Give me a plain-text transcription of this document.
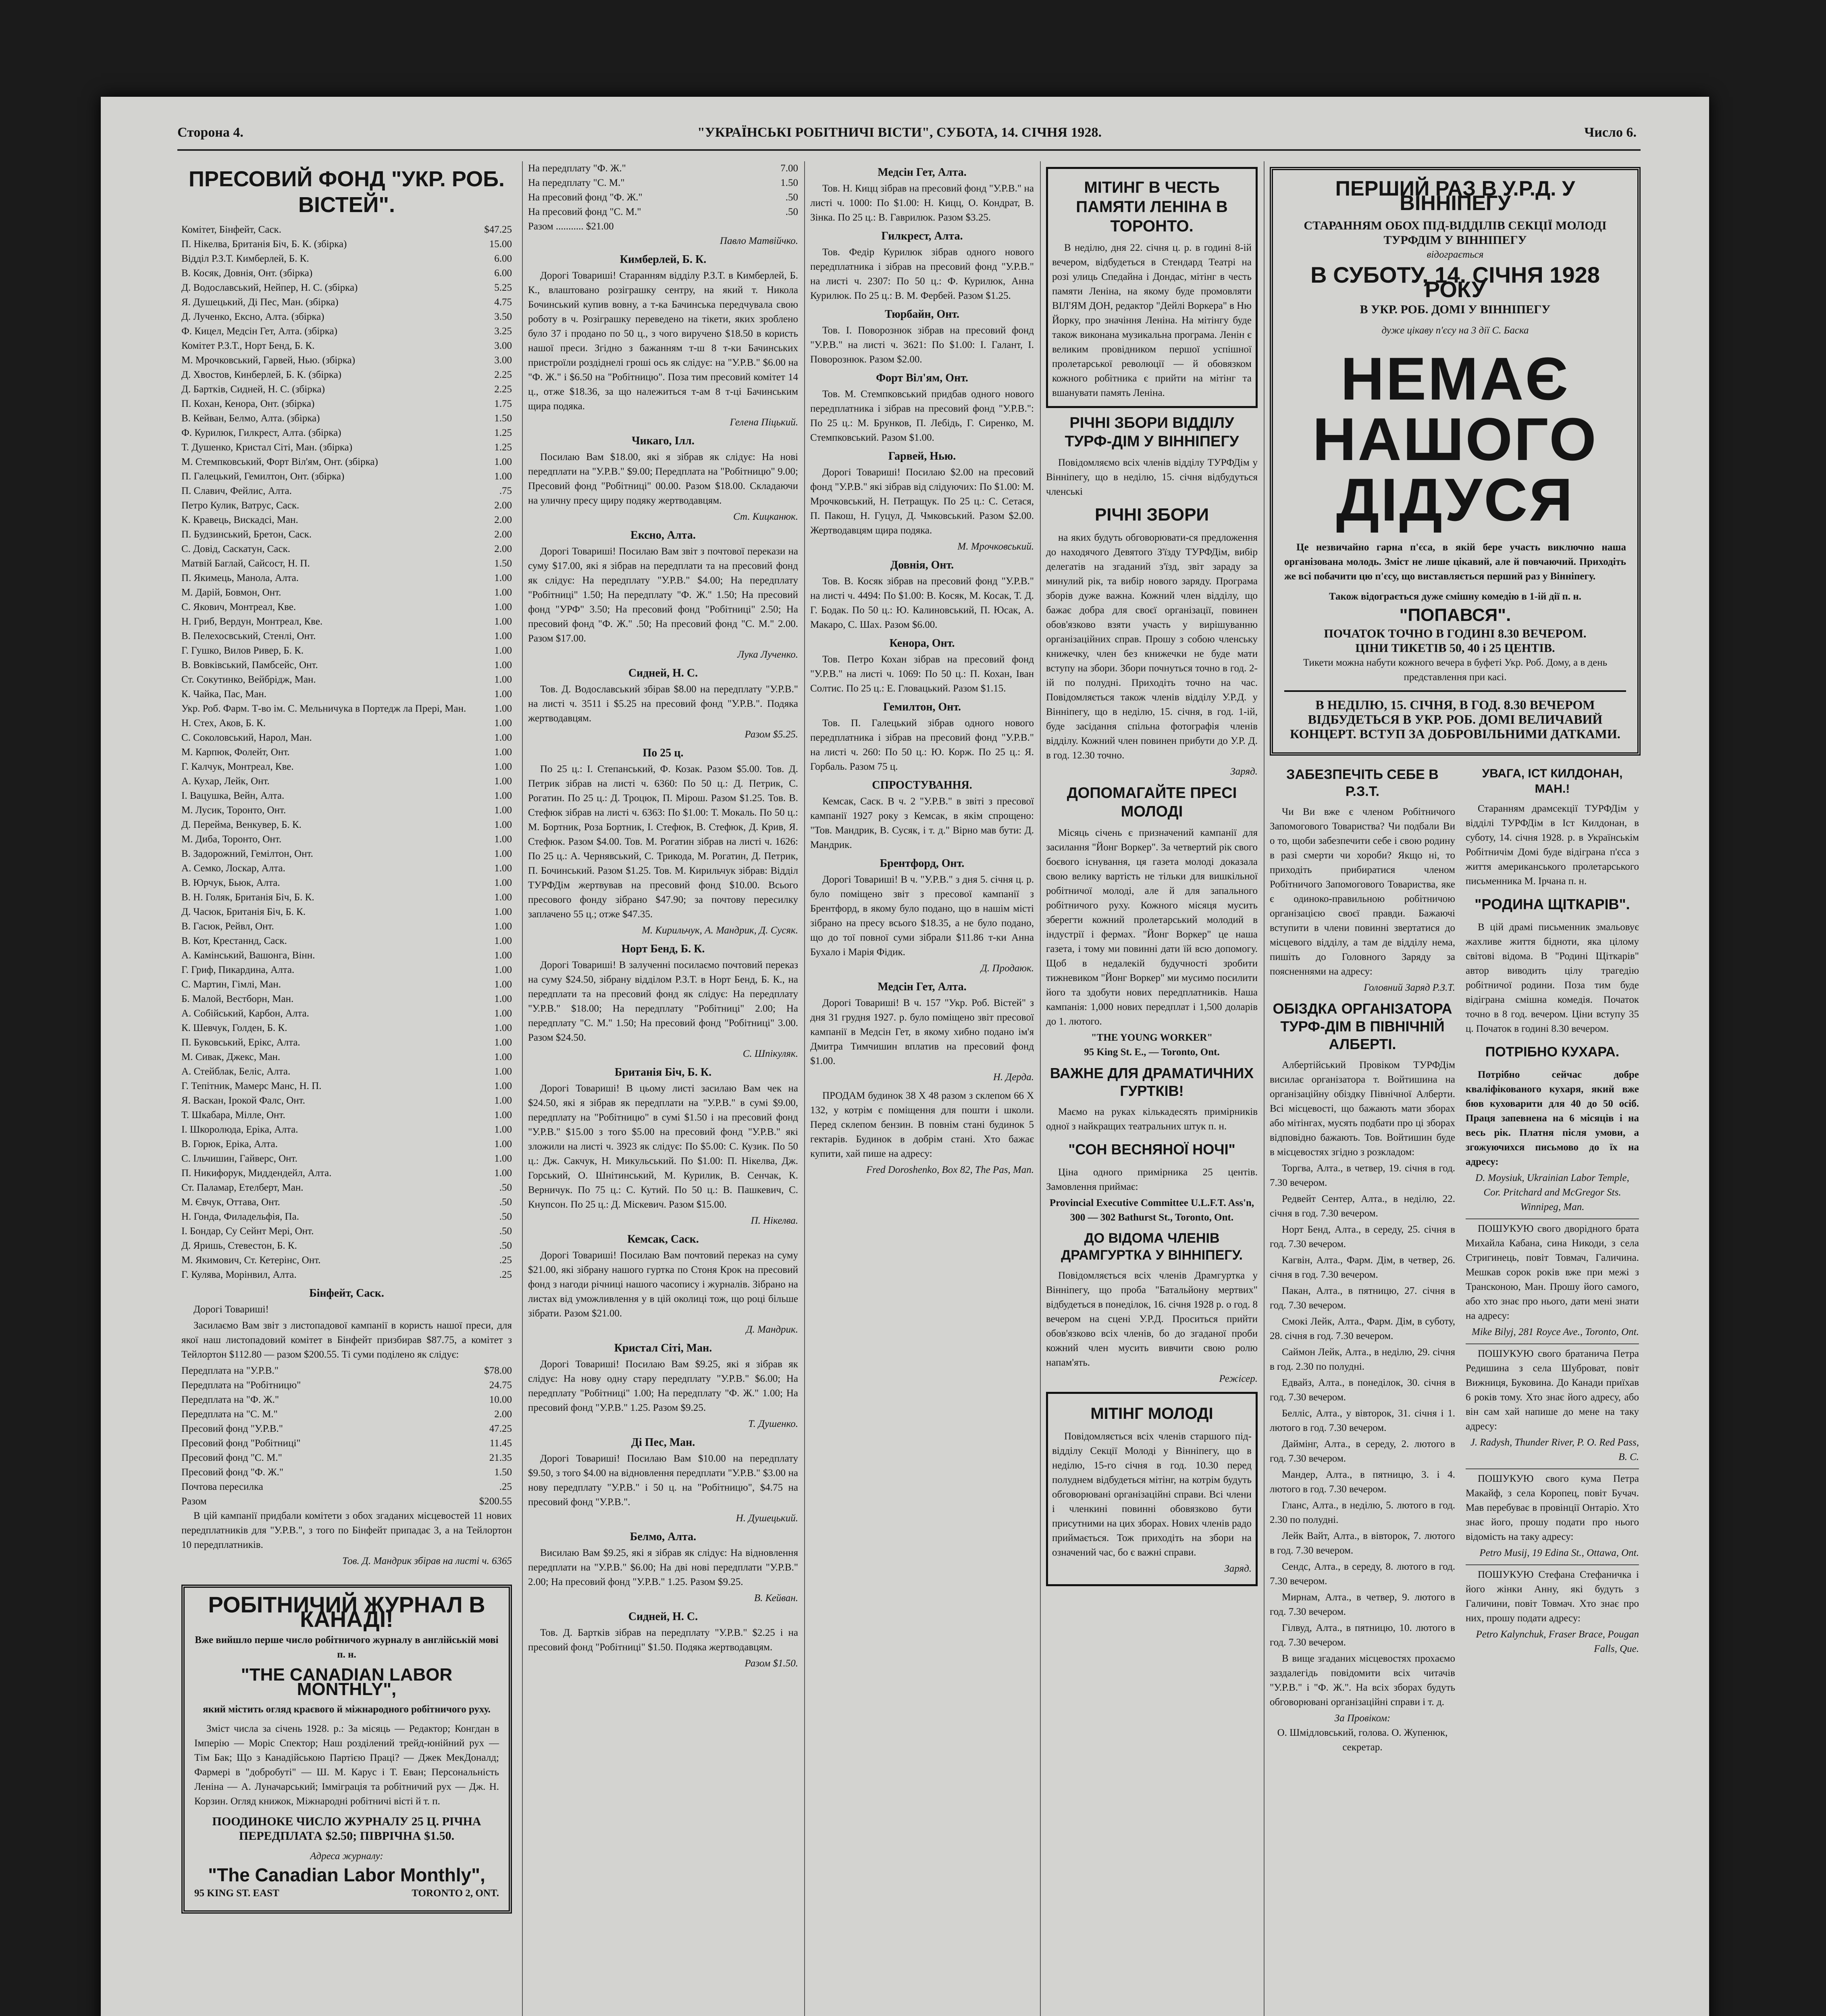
Сторона 4.	"УКРАЇНСЬКІ РОБІТНИЧІ ВІСТИ", СУБОТА, 14. СІЧНЯ 1928.	Число 6.
ПРЕСОВИЙ ФОНД "УКР. РОБ. ВІСТЕЙ".
Комітет, Бінфейт, Саск.	$47.25
П. Нікелва, Британія Біч, Б. К. (збірка)	15.00
Відділ Р.З.Т. Кимберлей, Б. К.	6.00
В. Косяк, Довнія, Онт. (збірка)	6.00
Д. Водославський, Нейпер, Н. С. (збірка)	5.25
Я. Душецький, Ді Пес, Ман. (збірка)	4.75
Д. Лученко, Ексно, Алта. (збірка)	3.50
Ф. Кицел, Медсін Гет, Алта. (збірка)	3.25
Комітет Р.З.Т., Норт Бенд, Б. К.	3.00
М. Мрочковський, Гарвей, Нью. (збірка)	3.00
Д. Хвостов, Кинберлей, Б. К. (збірка)	2.25
Д. Бартків, Сидней, Н. С. (збірка)	2.25
П. Кохан, Кенора, Онт. (збірка)	1.75
В. Кейван, Белмо, Алта. (збірка)	1.50
Ф. Курилюк, Гилкрест, Алта. (збірка)	1.25
Т. Душенко, Кристал Сіті, Ман. (збірка)	1.25
М. Стемпковський, Форт Віл'ям, Онт. (збірка)	1.00
П. Галецький, Гемилтон, Онт. (збірка)	1.00
П. Славич, Фейлис, Алта.	.75
Петро Кулик, Ватрус, Саск.	2.00
К. Кравець, Вискадсі, Ман.	2.00
П. Будзинський, Бретон, Саск.	2.00
С. Довід, Саскатун, Саск.	2.00
Матвій Баглай, Сайсост, Н. П.	1.50
П. Якимець, Манола, Алта.	1.00
М. Дарій, Бовмон, Онт.	1.00
С. Якович, Монтреал, Кве.	1.00
Н. Гриб, Вердун, Монтреал, Кве.	1.00
В. Пелехосвський, Стенлі, Онт.	1.00
Г. Гушко, Вилов Ривер, Б. К.	1.00
В. Вовківський, Памбсейс, Онт.	1.00
Ст. Сокутинко, Вейбрідж, Ман.	1.00
К. Чайка, Пас, Ман.	1.00
Укр. Роб. Фарм. Т-во ім. С. Мельничука в Портедж ла Прері, Ман.	1.00
Н. Стех, Аков, Б. К.	1.00
С. Соколовський, Нарол, Ман.	1.00
М. Карпюк, Фолейт, Онт.	1.00
Г. Калчук, Монтреал, Кве.	1.00
А. Кухар, Лейк, Онт.	1.00
І. Вацушка, Вейн, Алта.	1.00
М. Лусик, Торонто, Онт.	1.00
Д. Перейма, Венкувер, Б. К.	1.00
М. Диба, Торонто, Онт.	1.00
В. Задорожний, Гемілтон, Онт.	1.00
А. Семко, Лоскар, Алта.	1.00
В. Юрчук, Бьюк, Алта.	1.00
В. Н. Голяк, Британія Біч, Б. К.	1.00
Д. Часюк, Британія Біч, Б. К.	1.00
В. Гасюк, Рейвл, Онт.	1.00
В. Кот, Крестаннд, Саск.	1.00
А. Камінський, Вашонга, Вінн.	1.00
Г. Гриф, Пикардина, Алта.	1.00
С. Мартин, Гімлі, Ман.	1.00
Б. Малой, Вестборн, Ман.	1.00
А. Собійський, Карбон, Алта.	1.00
К. Шевчук, Голден, Б. К.	1.00
П. Буковський, Ерікс, Алта.	1.00
М. Сивак, Джекс, Ман.	1.00
А. Стейблак, Беліс, Алта.	1.00
Г. Тепітник, Мамерс Манс, Н. П.	1.00
Я. Васкан, Ірокой Фалс, Онт.	1.00
Т. Шкабара, Мілле, Онт.	1.00
І. Шкоролюда, Еріка, Алта.	1.00
В. Горюк, Еріка, Алта.	1.00
С. Ільчишин, Гайверс, Онт.	1.00
П. Никифорук, Миддендейл, Алта.	1.00
Ст. Паламар, Етелберт, Ман.	.50
М. Євчук, Оттава, Онт.	.50
Н. Гонда, Филадельфія, Па.	.50
І. Бондар, Су Сейнт Мері, Онт.	.50
Д. Яришь, Стевестон, Б. К.	.50
М. Якимович, Ст. Кетерінс, Онт.	.25
Г. Кулява, Морінвил, Алта.	.25
Бінфейт, Саск.
Дорогі Товариші!
Засилаємо Вам звіт з листопадової кампанії в користь нашої преси, для якої наш листопадовий комітет в Бінфейт призбирав $87.75, а комітет з Тейлортон $112.80 — разом $200.55. Ті суми поділено як слідує:
Передплата на "У.Р.В."	$78.00
Передплата на "Робітницю"	24.75
Передплата на "Ф. Ж."	10.00
Передплата на "С. М."	2.00
Пресовий фонд "У.Р.В."	47.25
Пресовий фонд "Робітниці"	11.45
Пресовий фонд "С. М."	21.35
Пресовий фонд "Ф. Ж."	1.50
Почтова пересилка	.25
Разом	$200.55
В цій кампанії придбали комітети з обох згаданих місцевостей 11 нових передплатників для "У.Р.В.", з того по Бінфейт припадає 3, а на Тейлортон 10 передплатників.
Тов. Д. Мандрик збірав на листі ч. 6365
РОБІТНИЧИЙ ЖУРНАЛ В КАНАДІ!
Вже вийшло перше число робітничого журналу в англійській мові п. н.
"THE CANADIAN LABOR MONTHLY",
який містить огляд краєвого й міжнародного робітничого руху.
Зміст числа за січень 1928. р.: За місяць — Редактор; Конгдан в Імперію — Моріс Спектор; Наш розділений трейд-юнійний рух — Тім Бак; Що з Канадійською Партією Праці? — Джек МекДоналд; Фармері в "добробуті" — Ш. М. Карус і Т. Еван; Персональність Леніна — А. Луначарський; Імміграція та робітничий рух — Дж. Н. Корзин. Огляд книжок, Міжнародні робітничі вісті й т. п.
ПООДИНОКЕ ЧИСЛО ЖУРНАЛУ 25 Ц. РІЧНА ПЕРЕДПЛАТА $2.50; ПІВРІЧНА $1.50.
Адреса журналу:
"The Canadian Labor Monthly",
95 KING ST. EAST	TORONTO 2, ONT.
На передплату "Ф. Ж."	7.00
На передплату "С. М."	1.50
На пресовий фонд "Ф. Ж."	.50
На пресовий фонд "С. М."	.50
Разом ........... $21.00
Павло Матвійчко.
Кимберлей, Б. К.
Дорогі Товариші! Старанням відділу Р.З.Т. в Кимберлей, Б. К., влаштовано розіграшку сентру, на який т. Никола Бочинський купив вовну, а т-ка Бачинська передчувала свою роботу в ч. Розіграшку переведено на тікети, яких зроблено було 37 і продано по 50 ц., з чого виручено $18.50 в користь нашої преси. Згідно з бажанням т-ш 8 т-ки Бачинських пристроїли роздіднелі гроші ось як слідує: на "У.Р.В." $6.00 на "Ф. Ж." і $6.50 на "Робітницю". Поза тим пресовий комітет 14 ц., отже $18.36, за що належиться т-ам 8 т-ці Бачинським щира подяка.
Гелена Піцький.
Чикаго, Ілл.
Посилаю Вам $18.00, які я зібрав як слідує: На нові передплати на "У.Р.В." $9.00; Передплата на "Робітницю" 9.00; Пресовий фонд "Робітниці" 00.00. Разом $18.00. Складаючи на уличну пресу щиру подяку жертводавцям.
Ст. Кицканюк.
Ексно, Алта.
Дорогі Товариші! Посилаю Вам звіт з почтової перекази на суму $17.00, які я зібрав на передплати та на пресовий фонд як слідує: На передплату "У.Р.В." $4.00; На передплату "Робітниці" 1.50; На передплату "Ф. Ж." 1.50; На пресовий фонд "УРФ" 3.50; На пресовий фонд "Робітниці" 2.50; На пресовий фонд "Ф. Ж." .50; На пресовий фонд "С. М." 2.00. Разом $17.00.
Лука Лученко.
Сидней, Н. С.
Тов. Д. Водославський збірав $8.00 на передплату "У.Р.В." на листі ч. 3511 і $5.25 на пресовий фонд "У.Р.В.". Подяка жертводавцям.
Разом $5.25.
По 25 ц.
По 25 ц.: І. Степанський, Ф. Козак. Разом $5.00. Тов. Д. Петрик зібрав на листі ч. 6360: По 50 ц.: Д. Петрик, С. Рогатин. По 25 ц.: Д. Троцюк, П. Мірош. Разом $1.25. Тов. В. Стефюк зібрав на листі ч. 6363: По $1.00: Т. Мокаль. По 50 ц.: М. Бортник, Роза Бортник, І. Стефюк, В. Стефюк, Д. Крив, Я. Стефюк. Разом $4.00. Тов. М. Рогатин зібрав на листі ч. 1626: По 25 ц.: А. Чернявський, С. Трикода, М. Рогатин, Д. Петрик, П. Бочинський. Разом $1.25. Тов. М. Кирильчук зібрав: Відділ ТУРФДім жертвував на пресовий фонд $10.00. Всього пресового фонду зібрано $47.90; за почтову пересилку заплачено 55 ц.; отже $47.35.
М. Кирильчук, А. Мандрик, Д. Сусяк.
Норт Бенд, Б. К.
Дорогі Товариші! В залученні посилаємо почтовий переказ на суму $24.50, зібрану відділом Р.З.Т. в Норт Бенд, Б. К., на передплати та на пресовий фонд як слідує: На передплату "У.Р.В." $18.00; На передплату "Робітниці" 2.00; На передплату "С. М." 1.50; На пресовий фонд "Робітниці" 3.00. Разом $24.50.
С. Шпікуляк.
Британія Біч, Б. К.
Дорогі Товариші! В цьому листі засилаю Вам чек на $24.50, які я зібрав як передплати на "У.Р.В." в сумі $9.00, передплату на "Робітницю" в сумі $1.50 і на пресовий фонд "У.Р.В." $15.00 з того $5.00 на пресовий фонд "У.Р.В." які зложили на листі ч. 3923 як слідує: По $5.00: С. Кузик. По 50 ц.: Дж. Сакчук, Н. Микульський. По $1.00: П. Нікелва, Дж. Горський, О. Шнітинський, М. Курилик, В. Сенчак, К. Верничук. По 75 ц.: С. Кутий. По 50 ц.: В. Пашкевич, С. Кнупсон. По 25 ц.: Д. Міскевич. Разом $15.00.
П. Нікелва.
Кемсак, Саск.
Дорогі Товариші! Посилаю Вам почтовий переказ на суму $21.00, які зібрану нашого гуртка по Стоня Крок на пресовий фонд з нагоди річниці нашого часопису і журналів. Зібрано на листах від уможливлення у в цій околиці тож, що році більше зібрати. Разом $21.00.
Д. Мандрик.
Кристал Сіті, Ман.
Дорогі Товариші! Посилаю Вам $9.25, які я зібрав як слідує: На нову одну стару передплату "У.Р.В." $6.00; На передплату "Робітниці" 1.00; На передплату "Ф. Ж." 1.00; На пресовий фонд "У.Р.В." 1.25. Разом $9.25.
Т. Душенко.
Ді Пес, Ман.
Дорогі Товариші! Посилаю Вам $10.00 на передплату $9.50, з того $4.00 на відновлення передплати "У.Р.В." $3.00 на нову передплату "У.Р.В." і 50 ц. на "Робітницю", $4.75 на пресовий фонд "У.Р.В.".
Н. Душецький.
Белмо, Алта.
Висилаю Вам $9.25, які я зібрав як слідує: На відновлення передплати на "У.Р.В." $6.00; На дві нові передплати "У.Р.В." 2.00; На пресовий фонд "У.Р.В." 1.25. Разом $9.25.
В. Кейван.
Сидней, Н. С.
Тов. Д. Бартків зібрав на передплату "У.Р.В." $2.25 і на пресовий фонд "Робітниці" $1.50. Подяка жертводавцям.
Разом $1.50.
Медсін Гет, Алта.
Тов. Н. Кицц зібрав на пресовий фонд "У.Р.В." на листі ч. 1000: По $1.00: Н. Кицц, О. Кондрат, В. Зінка. По 25 ц.: В. Гаврилюк. Разом $3.25.
Гилкрест, Алта.
Тов. Федір Курилюк зібрав одного нового передплатника і зібрав на пресовий фонд "У.Р.В." на листі ч. 2307: По 50 ц.: Ф. Курилюк, Анна Курилюк. По 25 ц.: В. М. Фербей. Разом $1.25.
Тюрбайн, Онт.
Тов. І. Поворознюк зібрав на пресовий фонд "У.Р.В." на листі ч. 3621: По $1.00: І. Галант, І. Поворознюк. Разом $2.00.
Форт Віл'ям, Онт.
Тов. М. Стемпковський придбав одного нового передплатника і зібрав на пресовий фонд "У.Р.В.": По 25 ц.: М. Брунков, П. Лебідь, Г. Сиренко, М. Стемпковський. Разом $1.00.
Гарвей, Нью.
Дорогі Товариші! Посилаю $2.00 на пресовий фонд "У.Р.В." які зібрав від слідуючих: По $1.00: М. Мрочковський, Н. Петращук. По 25 ц.: С. Сетася, П. Пакош, Н. Гуцул, Д. Чмковський. Разом $2.00. Жертводавцям щира подяка.
М. Мрочковський.
Довнія, Онт.
Тов. В. Косяк зібрав на пресовий фонд "У.Р.В." на листі ч. 4494: По $1.00: В. Косяк, М. Косак, Т. Д. Г. Бодак. По 50 ц.: Ю. Калиновський, П. Юсак, А. Макаро, С. Шах. Разом $6.00.
Кенора, Онт.
Тов. Петро Кохан зібрав на пресовий фонд "У.Р.В." на листі ч. 1069: По 50 ц.: П. Кохан, Іван Солтис. По 25 ц.: Е. Гловацький. Разом $1.15.
Гемилтон, Онт.
Тов. П. Галецький зібрав одного нового передплатника і зібрав на пресовий фонд "У.Р.В." на листі ч. 260: По 50 ц.: Ю. Корж. По 25 ц.: Я. Горбаль. Разом 75 ц.
СПРОСТУВАННЯ.
Кемсак, Саск. В ч. 2 "У.Р.В." в звіті з пресової кампанії 1927 року з Кемсак, в якім спрощено: "Тов. Мандрик, В. Сусяк, і т. д." Вірно мав бути: Д. Мандрик.
Брентфорд, Онт.
Дорогі Товариші! В ч. "У.Р.В." з дня 5. січня ц. р. було поміщено звіт з пресової кампанії з Брентфорд, в якому було подано, що в нашім місті зібрано на пресу всього $18.35, а не було подано, що до тої повної суми зібрали $11.86 т-ки Анна Бухало і Марія Фідик.
Д. Продаюк.
Медсін Гет, Алта.
Дорогі Товариші! В ч. 157 "Укр. Роб. Вістей" з дня 31 грудня 1927. р. було поміщено звіт пресової кампанії в Медсін Гет, в якому хибно подано ім'я Дмитра Тимчишин вплатив на пресовий фонд $1.00.
Н. Дерда.
ПРОДАМ будинок 38 Х 48 разом з склепом 66 Х 132, у котрім є поміщення для пошти і школи. Перед склепом бензин. В повнім стані будинок 5 гектарів. Будинок в добрім стані. Хто бажає купити, хай пише на адресу:
Fred Doroshenko, Box 82, The Pas, Man.
МІТИНГ В ЧЕСТЬ ПАМЯТИ ЛЕНІНА В ТОРОНТО.
В неділю, дня 22. січня ц. р. в годині 8-ій вечером, відбудеться в Стендард Театрі на розі улиць Спедайна і Дондас, мітінг в честь памяти Леніна, на якому буде промовляти ВІЛ'ЯМ ДОН, редактор "Дейлі Воркера" в Ню Йорку, про значіння Леніна. На мітінгу буде також виконана музикальна програма. Ленін є великим провідником першої успішної пролетарської революції — й обовязком кожного робітника є прийти на мітінг та вшанувати память Леніна.
РІЧНІ ЗБОРИ ВІДДІЛУ ТУРФ-ДІМ У ВІННІПЕГУ
Повідомляємо всіх членів відділу ТУРФДім у Вінніпегу, що в неділю, 15. січня відбудуться членські
РІЧНІ ЗБОРИ
на яких будуть обговорювати-ся предложення до находячого Девятого З'їзду ТУРФДім, вибір делегатів на згаданий з'їзд, звіт зараду за минулий рік, та вибір нового заряду. Програма зборів дуже важна. Кожний член відділу, що бажає добра для своєї організації, повинен обов'язково взяти участь у вирішуванню організаційних справ. Прошу з собою членську книжечку, член без книжечки не буде мати вступу на збори. Збори почнуться точно в год. 2-ій по полудні. Приходіть точно на час. Повідомляється також членів відділу У.Р.Д. у Вінніпегу, що в неділю, 15. січня, в год. 1-ій, буде засідання спільна фотографія членів відділу. Кожний член повинен прибути до У.Р. Д. в год. 12.30 точно.
Заряд.
ДОПОМАГАЙТЕ ПРЕСІ МОЛОДІ
Місяць січень є призначений кампанії для засилання "Йонг Воркер". За четвертий рік свого боєвого існування, ця газета молоді доказала свою велику вартість не тільки для вишкільної робітничої молоді, але й для запального робітничого руху. Кожного місяця мусить зберегти кожний пролетарський молодий в індустрії і фермах. "Йонг Воркер" це наша газета, і тому ми повинні дати їй всю допомогу. Щоб в недалекій будучності зробити тижневиком "Йонг Воркер" ми мусимо посилити його та здобути нових передплатників. Наша кампанія: 1,000 нових передплат і 1,500 доларів до 1. лютого.
"THE YOUNG WORKER"
95 King St. E., — Toronto, Ont.
ВАЖНЕ ДЛЯ ДРАМАТИЧНИХ ГУРТКІВ!
Маємо на руках кількадесять примірників одної з найкращих театральних штук п. н.
"СОН ВЕСНЯНОЇ НОЧІ"
Ціна одного примірника 25 центів. Замовлення приймає:
Provincial Executive Committee U.L.F.T. Ass'n, 300 — 302 Bathurst St., Toronto, Ont.
ДО ВІДОМА ЧЛЕНІВ ДРАМГУРТКА У ВІННІПЕГУ.
Повідомляється всіх членів Драмгуртка у Вінніпегу, що проба "Батальйону мертвих" відбудеться в понеділок, 16. січня 1928 р. о год. 8 вечером на сцені У.Р.Д. Проситься прийти обов'язково всіх членів, бо до згаданої проби кожний член мусить вивчити свою ролю напам'ять.
Режісер.
МІТІНГ МОЛОДІ
Повідомляється всіх членів старшого під-відділу Секції Молоді у Вінніпегу, що в неділю, 15-го січня в год. 10.30 перед полуднем відбудеться мітінг, на котрім будуть обговорювані організаційні справи. Всі члени і членкині повинні обовязково бути присутними на цих зборах. Нових членів радо приймається. Тож приходіть на збори на означений час, бо є важні справи.
Заряд.
ПЕРШИЙ РАЗ В У.Р.Д. У ВІННІПЕГУ
СТАРАННЯМ ОБОХ ПІД-ВІДДІЛІВ СЕКЦІЇ МОЛОДІ ТУРФДІМ У ВІННІПЕГУ
відограється
В СУБОТУ, 14. СІЧНЯ 1928 РОКУ
В УКР. РОБ. ДОМІ У ВІННІПЕГУ
дуже цікаву п'єсу на 3 дії С. Баска
НЕМАЄ НАШОГО ДІДУСЯ
Це незвичайно гарна п'єса, в якій бере участь виключно наша організована молодь. Зміст не лише цікавий, але й повчаючий. Приходіть же всі побачити цю п'єсу, що виставляється перший раз у Вінніпегу.
Також відограється дуже смішну комедію в 1-ій дії п. н.
"ПОПАВСЯ".
ПОЧАТОК ТОЧНО В ГОДИНІ 8.30 ВЕЧЕРОМ.
ЦІНИ ТИКЕТІВ 50, 40 і 25 ЦЕНТІВ.
Тикети можна набути кожного вечера в буфеті Укр. Роб. Дому, а в день представлення при касі.
В НЕДІЛЮ, 15. СІЧНЯ, В ГОД. 8.30 ВЕЧЕРОМ ВІДБУДЕТЬСЯ В УКР. РОБ. ДОМІ ВЕЛИЧАВИЙ КОНЦЕРТ. ВСТУП ЗА ДОБРОВІЛЬНИМИ ДАТКАМИ.
ЗАБЕЗПЕЧІТЬ СЕБЕ В Р.З.Т.
Чи Ви вже є членом Робітничого Запомогового Товариства? Чи подбали Ви о то, щоби забезпечити себе і свою родину в разі смерти чи хороби? Якщо ні, то приходіть прибиратися членом Робітничого Запомогового Товариства, яке є одиноко-правильною робітничою організацією своєї правди. Бажаючі вступити в члени повинні звертатися до місцевого відділу, а там де відділу нема, пишіть до Головного Заряду за поясненнями на адресу:
Головний Заряд Р.З.Т.
ОБІЗДКА ОРГАНІЗАТОРА ТУРФ-ДІМ В ПІВНІЧНІЙ АЛБЕРТІ.
Албертійський Провіком ТУРФДім висилає організатора т. Войтишина на організаційну обіздку Північної Алберти. Всі місцевості, що бажають мати зборах або мітінгах, мусять подбати про ці зборах відповідно бажають. Тов. Войтишин буде в місцевостях згідно з розкладом:
Торгва, Алта., в четвер, 19. січня в год. 7.30 вечером.
Редвейт Сентер, Алта., в неділю, 22. січня в год. 7.30 вечером.
Норт Бенд, Алта., в середу, 25. січня в год. 7.30 вечером.
Кагвін, Алта., Фарм. Дім, в четвер, 26. січня в год. 7.30 вечером.
Пакан, Алта., в пятницю, 27. січня в год. 7.30 вечером.
Смокі Лейк, Алта., Фарм. Дім, в суботу, 28. січня в год. 7.30 вечером.
Саймон Лейк, Алта., в неділю, 29. січня в год. 2.30 по полудні.
Едвайз, Алта., в понеділок, 30. січня в год. 7.30 вечером.
Белліс, Алта., у вівторок, 31. січня і 1. лютого в год. 7.30 вечером.
Даймінг, Алта., в середу, 2. лютого в год. 7.30 вечером.
Мандер, Алта., в пятницю, 3. і 4. лютого в год. 7.30 вечером.
Гланс, Алта., в неділю, 5. лютого в год. 2.30 по полудні.
Лейк Вайт, Алта., в вівторок, 7. лютого в год. 7.30 вечером.
Сендс, Алта., в середу, 8. лютого в год. 7.30 вечером.
Мирнам, Алта., в четвер, 9. лютого в год. 7.30 вечером.
Гілвуд, Алта., в пятницю, 10. лютого в год. 7.30 вечером.
В вище згаданих місцевостях прохаємо заздалегідь повідомити всіх читачів "У.Р.В." і "Ф. Ж.". На всіх зборах будуть обговорювані організаційні справи і т. д.
За Провіком:
О. Шмідловський, голова. О. Жупенюк, секретар.
УВАГА, ІСТ КИЛДОНАН, МАН.!
Старанням драмсекції ТУРФДім у відділі ТУРФДім в Іст Килдонан, в суботу, 14. січня 1928. р. в Українськім Робітничім Домі буде відіграна п'єса з життя американського пролетарського письменника М. Ірчана п. н.
"РОДИНА ЩІТКАРІВ".
В цій драмі письменник змальовує жахливе життя бідноти, яка цілому світові відома. В "Родині Щіткарів" автор виводить цілу трагедію робітничої родини. Поза тим буде відіграна смішна комедія. Початок точно в 8 год. вечером. Ціни вступу 35 ц. Початок в годині 8.30 вечером.
ПОТРІБНО КУХАРА.
Потрібно сейчас добре кваліфікованого кухаря, який вже бюв куховарити для 40 до 50 осіб. Праця запевнена на 6 місяців і на весь рік. Платня після умови, а згожуючихся письмово до їх на адресу:
D. Moysiuk, Ukrainian Labor Temple, Cor. Pritchard and McGregor Sts. Winnipeg, Man.
ПОШУКУЮ свого дворідного брата Михайла Кабана, сина Никоди, з села Стригинець, повіт Товмач, Галичина. Мешкав сорок років вже при межі з Трансконою, Ман. Прошу його самого, або хто знає про нього, дати мені знати на адресу:
Mike Bilyj, 281 Royce Ave., Toronto, Ont.
ПОШУКУЮ свого братанича Петра Редишина з села Шуброват, повіт Вижниця, Буковина. До Канади приїхав 6 років тому. Хто знає його адресу, або він сам хай напише до мене на таку адресу:
J. Radysh, Thunder River, P. O. Red Pass, B. C.
ПОШУКУЮ свого кума Петра Макайф, з села Коропец, повіт Бучач. Мав перебуває в провінції Онтаріо. Хто знає його, прошу подати про нього відомість на таку адресу:
Petro Musij, 19 Edina St., Ottawa, Ont.
ПОШУКУЮ Стефана Стефаничка і його жінки Анну, які будуть з Галичини, повіт Товмач. Хто знає про них, прошу подати адресу:
Petro Kalynchuk, Fraser Brace, Pougan Falls, Que.
